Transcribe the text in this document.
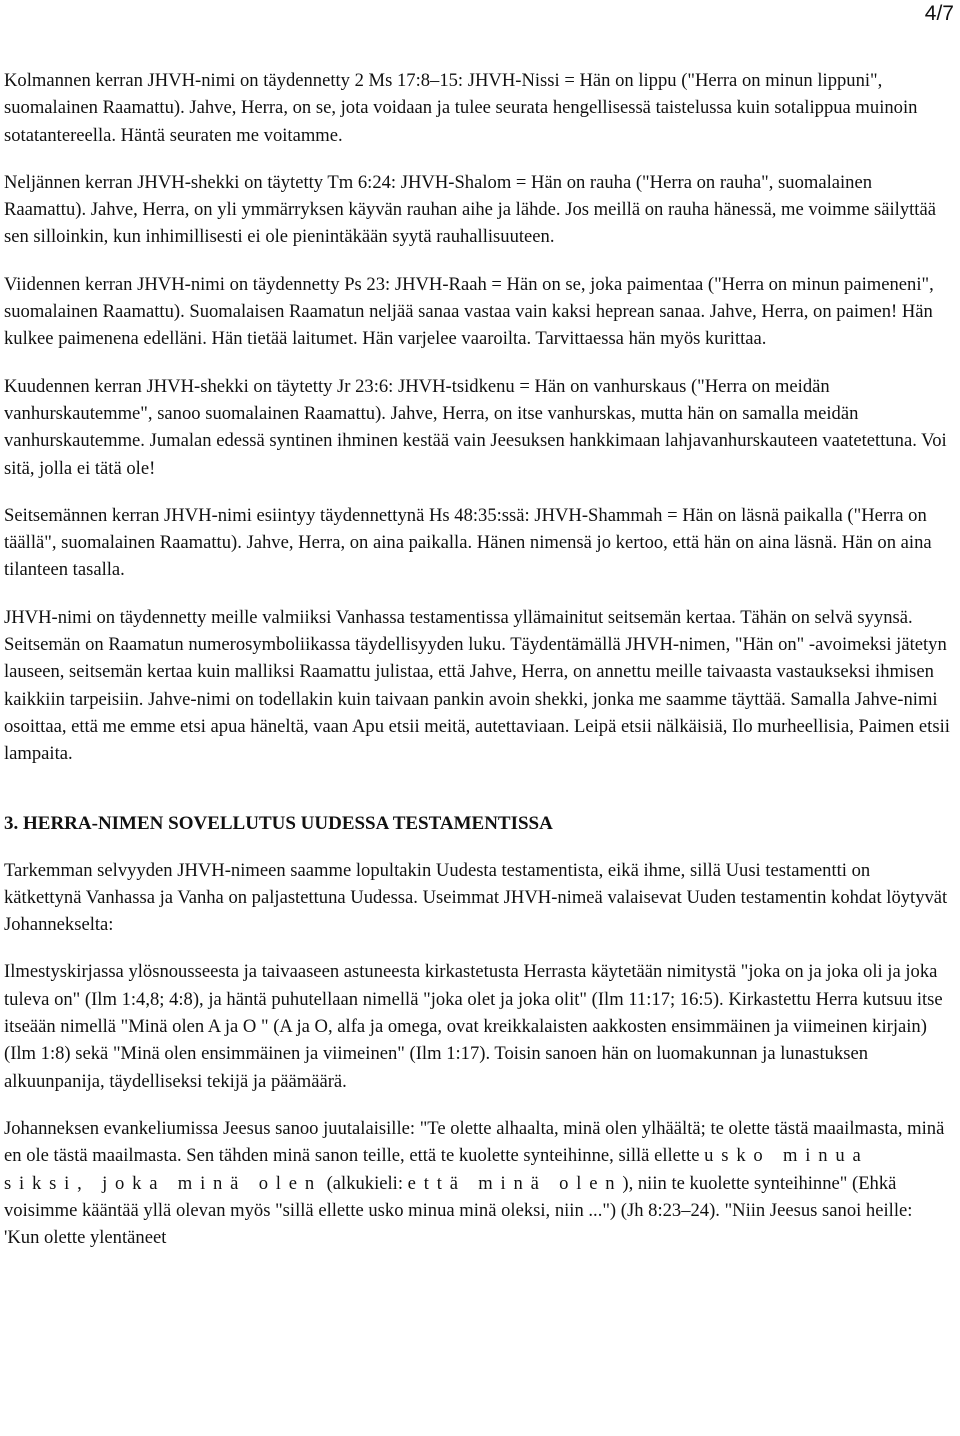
4/7

Kolmannen kerran JHVH-nimi on täydennetty 2 Ms 17:8–15: JHVH-Nissi = Hän on lippu ("Herra on minun lippuni", suomalainen Raamattu). Jahve, Herra, on se, jota voidaan ja tulee seurata hengellisessä taistelussa kuin sotalippua muinoin sotatantereella. Häntä seuraten me voitamme.

Neljännen kerran JHVH-shekki on täytetty Tm 6:24: JHVH-Shalom = Hän on rauha ("Herra on rauha", suomalainen Raamattu). Jahve, Herra, on yli ymmärryksen käyvän rauhan aihe ja lähde. Jos meillä on rauha hänessä, me voimme säilyttää sen silloinkin, kun inhimillisesti ei ole pienintäkään syytä rauhallisuuteen.

Viidennen kerran JHVH-nimi on täydennetty Ps 23: JHVH-Raah = Hän on se, joka paimentaa ("Herra on minun paimeneni", suomalainen Raamattu). Suomalaisen Raamatun neljää sanaa vastaa vain kaksi heprean sanaa. Jahve, Herra, on paimen! Hän kulkee paimenena edelläni. Hän tietää laitumet. Hän varjelee vaaroilta. Tarvittaessa hän myös kurittaa.

Kuudennen kerran JHVH-shekki on täytetty Jr 23:6: JHVH-tsidkenu = Hän on vanhurskaus ("Herra on meidän vanhurskautemme", sanoo suomalainen Raamattu). Jahve, Herra, on itse vanhurskas, mutta hän on samalla meidän vanhurskautemme. Jumalan edessä syntinen ihminen kestää vain Jeesuksen hankkimaan lahjavanhurskauteen vaatetettuna. Voi sitä, jolla ei tätä ole!

Seitsemännen kerran JHVH-nimi esiintyy täydennettynä Hs 48:35:ssä: JHVH-Shammah = Hän on läsnä paikalla ("Herra on täällä", suomalainen Raamattu). Jahve, Herra, on aina paikalla. Hänen nimensä jo kertoo, että hän on aina läsnä. Hän on aina tilanteen tasalla.

JHVH-nimi on täydennetty meille valmiiksi Vanhassa testamentissa yllämainitut seitsemän kertaa. Tähän on selvä syynsä. Seitsemän on Raamatun numerosymboliikassa täydellisyyden luku. Täydentämällä JHVH-nimen, "Hän on" -avoimeksi jätetyn lauseen, seitsemän kertaa kuin malliksi Raamattu julistaa, että Jahve, Herra, on annettu meille taivaasta vastaukseksi ihmisen kaikkiin tarpeisiin. Jahve-nimi on todellakin kuin taivaan pankin avoin shekki, jonka me saamme täyttää. Samalla Jahve-nimi osoittaa, että me emme etsi apua häneltä, vaan Apu etsii meitä, autettaviaan. Leipä etsii nälkäisiä, Ilo murheellisia, Paimen etsii lampaita.

3. HERRA-NIMEN SOVELLUTUS UUDESSA TESTAMENTISSA

Tarkemman selvyyden JHVH-nimeen saamme lopultakin Uudesta testamentista, eikä ihme, sillä Uusi testamentti on kätkettynä Vanhassa ja Vanha on paljastettuna Uudessa. Useimmat JHVH-nimeä valaisevat Uuden testamentin kohdat löytyvät Johannekselta:

Ilmestyskirjassa ylösnousseesta ja taivaaseen astuneesta kirkastetusta Herrasta käytetään nimitystä "joka on ja joka oli ja joka tuleva on" (Ilm 1:4,8; 4:8), ja häntä puhutellaan nimellä "joka olet ja joka olit" (Ilm 11:17; 16:5). Kirkastettu Herra kutsuu itse itseään nimellä "Minä olen A ja O " (A ja O, alfa ja omega, ovat kreikkalaisten aakkosten ensimmäinen ja viimeinen kirjain) (Ilm 1:8) sekä "Minä olen ensimmäinen ja viimeinen" (Ilm 1:17). Toisin sanoen hän on luomakunnan ja lunastuksen alkuunpanija, täydelliseksi tekijä ja päämäärä.

Johanneksen evankeliumissa Jeesus sanoo juutalaisille: "Te olette alhaalta, minä olen ylhäältä; te olette tästä maailmasta, minä en ole tästä maailmasta. Sen tähden minä sanon teille, että te kuolette synteihinne, sillä ellette usko minua siksi, joka minä olen (alkukieli: että minä olen), niin te kuolette synteihinne" (Ehkä voisimme kääntää yllä olevan myös "sillä ellette usko minua minä oleksi, niin ...") (Jh 8:23–24). "Niin Jeesus sanoi heille: 'Kun olette ylentäneet
